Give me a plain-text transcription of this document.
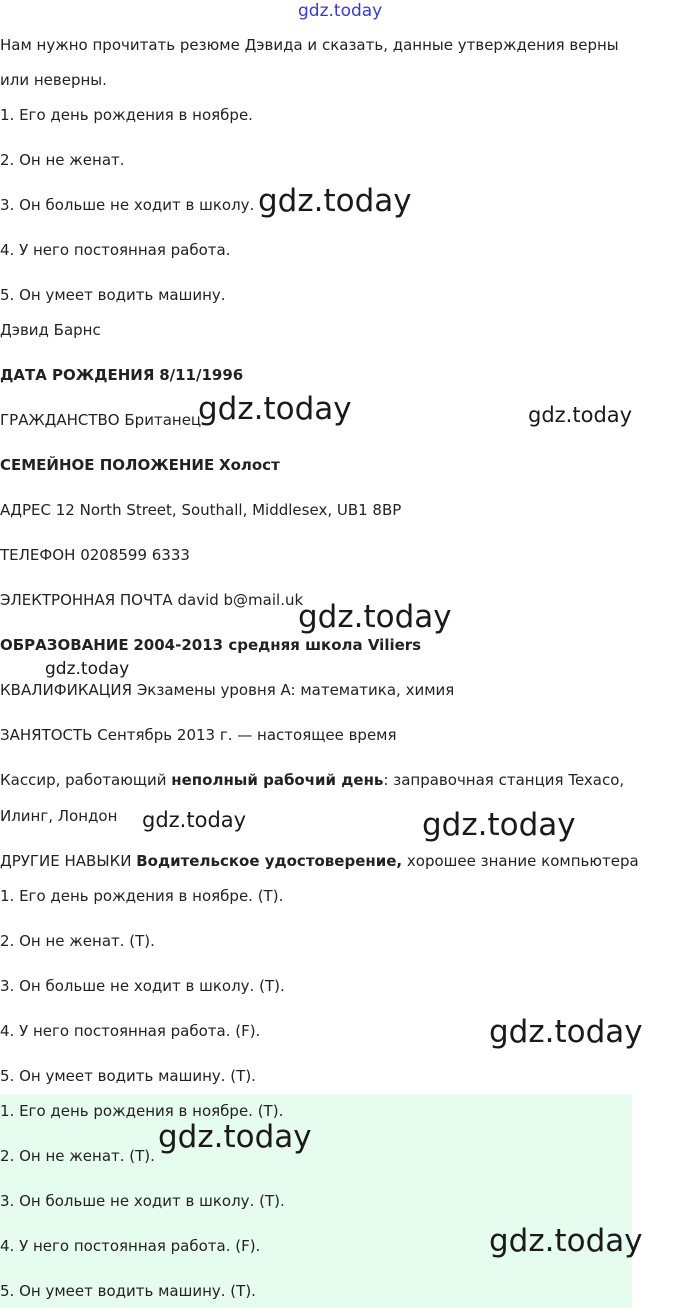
gdz.today
Нам нужно прочитать резюме Дэвида и сказать, данные утверждения верны
или неверны.
1. Его день рождения в ноябре.
2. Он не женат.
3. Он больше не ходит в школу. gdz.today
4. У него постоянная работа.
5. Он умеет водить машину.
Дэвид Барнс
ДАТА РОЖДЕНИЯ 8/11/1996
ГРАЖДАНСТВО Британец
gdz.today	gdz.today
СЕМЕЙНОЕ ПОЛОЖЕНИЕ Холост
АДРЕС 12 North Street, Southall, Middlesex, UB1 8BP
ТЕЛЕФОН 0208599 6333
ЭЛЕКТРОННАЯ ПОЧТА david b@mail.uk
gdz.today
ОБРАЗОВАНИЕ 2004-2013 средняя школа Viliers
gdz.today
КВАЛИФИКАЦИЯ Экзамены уровня A: математика, химия
ЗАНЯТОСТЬ Сентябрь 2013 г. — настоящее время
Кассир, работающий неполный рабочий день: заправочная станция Texaco,
Илинг, Лондон gdz.today	gdz.today
ДРУГИЕ НАВЫКИ Водительское удостоверение, хорошее знание компьютера
1. Его день рождения в ноябре. (T).
2. Он не женат. (T).
3. Он больше не ходит в школу. (T).
4. У него постоянная работа. (F).	gdz.today
5. Он умеет водить машину. (T).
1. Его день рождения в ноябре. (T).
2. Он не женат. (T).
gdz.today
3. Он больше не ходит в школу. (T).
4. У него постоянная работа. (F).	gdz.today
5. Он умеет водить машину. (T).
